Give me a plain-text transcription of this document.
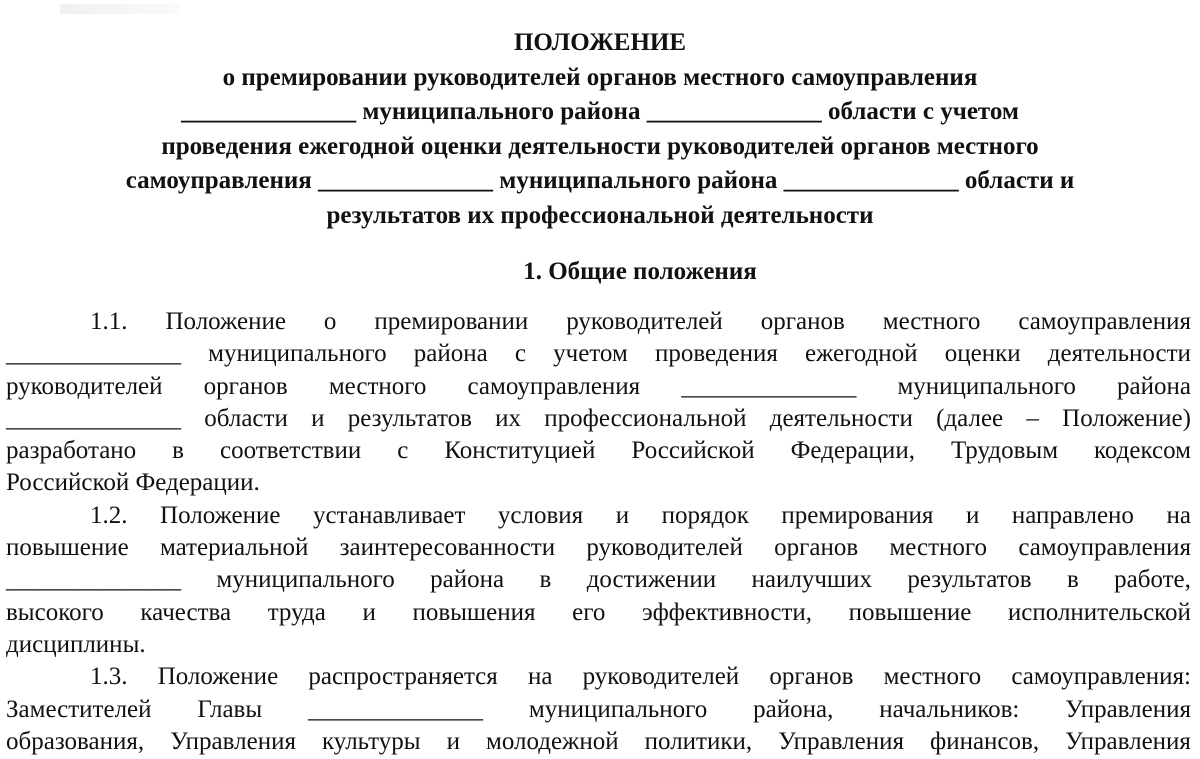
ПОЛОЖЕНИЕ
о премировании руководителей органов местного самоуправления
______________ муниципального района ______________ области с учетом
проведения ежегодной оценки деятельности руководителей органов местного
самоуправления ______________ муниципального района ______________ области и
результатов их профессиональной деятельности
1. Общие положения
1.1. Положение о премировании руководителей органов местного самоуправления
______________ муниципального района с учетом проведения ежегодной оценки деятельности
руководителей органов местного самоуправления ______________ муниципального района
______________ области и результатов их профессиональной деятельности (далее – Положение)
разработано в соответствии с Конституцией Российской Федерации, Трудовым кодексом
Российской Федерации.
1.2. Положение устанавливает условия и порядок премирования и направлено на
повышение материальной заинтересованности руководителей органов местного самоуправления
______________ муниципального района в достижении наилучших результатов в работе,
высокого качества труда и повышения его эффективности, повышение исполнительской
дисциплины.
1.3. Положение распространяется на руководителей органов местного самоуправления:
Заместителей Главы ______________ муниципального района, начальников: Управления
образования, Управления культуры и молодежной политики, Управления финансов, Управления
